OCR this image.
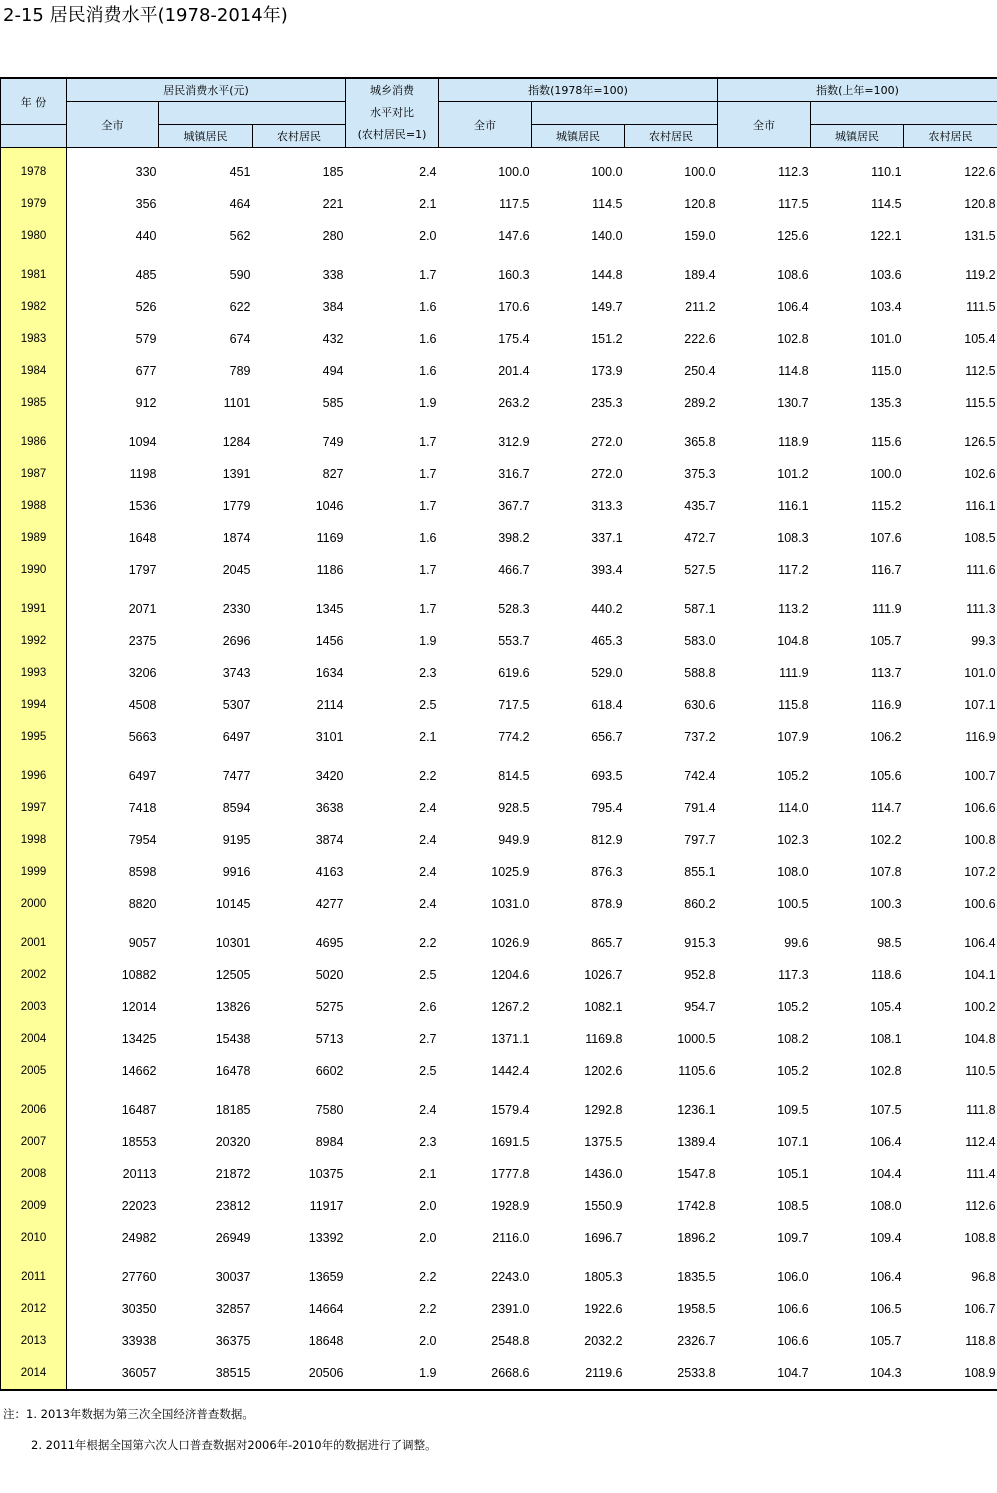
2-15 居民消费水平(1978-2014年)
年 份	居民消费水平(元)			城乡消费
水平对比
(农村居民=1)	指数(1978年=100)			指数(上年=100)		
	全市				全市			全市		
		城镇居民	农村居民			城镇居民	农村居民		城镇居民	农村居民
1978	330	451	185	2.4	100.0	100.0	100.0	112.3	110.1	122.6
1979	356	464	221	2.1	117.5	114.5	120.8	117.5	114.5	120.8
1980	440	562	280	2.0	147.6	140.0	159.0	125.6	122.1	131.5
1981	485	590	338	1.7	160.3	144.8	189.4	108.6	103.6	119.2
1982	526	622	384	1.6	170.6	149.7	211.2	106.4	103.4	111.5
1983	579	674	432	1.6	175.4	151.2	222.6	102.8	101.0	105.4
1984	677	789	494	1.6	201.4	173.9	250.4	114.8	115.0	112.5
1985	912	1101	585	1.9	263.2	235.3	289.2	130.7	135.3	115.5
1986	1094	1284	749	1.7	312.9	272.0	365.8	118.9	115.6	126.5
1987	1198	1391	827	1.7	316.7	272.0	375.3	101.2	100.0	102.6
1988	1536	1779	1046	1.7	367.7	313.3	435.7	116.1	115.2	116.1
1989	1648	1874	1169	1.6	398.2	337.1	472.7	108.3	107.6	108.5
1990	1797	2045	1186	1.7	466.7	393.4	527.5	117.2	116.7	111.6
1991	2071	2330	1345	1.7	528.3	440.2	587.1	113.2	111.9	111.3
1992	2375	2696	1456	1.9	553.7	465.3	583.0	104.8	105.7	99.3
1993	3206	3743	1634	2.3	619.6	529.0	588.8	111.9	113.7	101.0
1994	4508	5307	2114	2.5	717.5	618.4	630.6	115.8	116.9	107.1
1995	5663	6497	3101	2.1	774.2	656.7	737.2	107.9	106.2	116.9
1996	6497	7477	3420	2.2	814.5	693.5	742.4	105.2	105.6	100.7
1997	7418	8594	3638	2.4	928.5	795.4	791.4	114.0	114.7	106.6
1998	7954	9195	3874	2.4	949.9	812.9	797.7	102.3	102.2	100.8
1999	8598	9916	4163	2.4	1025.9	876.3	855.1	108.0	107.8	107.2
2000	8820	10145	4277	2.4	1031.0	878.9	860.2	100.5	100.3	100.6
2001	9057	10301	4695	2.2	1026.9	865.7	915.3	99.6	98.5	106.4
2002	10882	12505	5020	2.5	1204.6	1026.7	952.8	117.3	118.6	104.1
2003	12014	13826	5275	2.6	1267.2	1082.1	954.7	105.2	105.4	100.2
2004	13425	15438	5713	2.7	1371.1	1169.8	1000.5	108.2	108.1	104.8
2005	14662	16478	6602	2.5	1442.4	1202.6	1105.6	105.2	102.8	110.5
2006	16487	18185	7580	2.4	1579.4	1292.8	1236.1	109.5	107.5	111.8
2007	18553	20320	8984	2.3	1691.5	1375.5	1389.4	107.1	106.4	112.4
2008	20113	21872	10375	2.1	1777.8	1436.0	1547.8	105.1	104.4	111.4
2009	22023	23812	11917	2.0	1928.9	1550.9	1742.8	108.5	108.0	112.6
2010	24982	26949	13392	2.0	2116.0	1696.7	1896.2	109.7	109.4	108.8
2011	27760	30037	13659	2.2	2243.0	1805.3	1835.5	106.0	106.4	96.8
2012	30350	32857	14664	2.2	2391.0	1922.6	1958.5	106.6	106.5	106.7
2013	33938	36375	18648	2.0	2548.8	2032.2	2326.7	106.6	105.7	118.8
2014	36057	38515	20506	1.9	2668.6	2119.6	2533.8	104.7	104.3	108.9
注：1. 2013年数据为第三次全国经济普查数据。
2. 2011年根据全国第六次人口普查数据对2006年-2010年的数据进行了调整。
